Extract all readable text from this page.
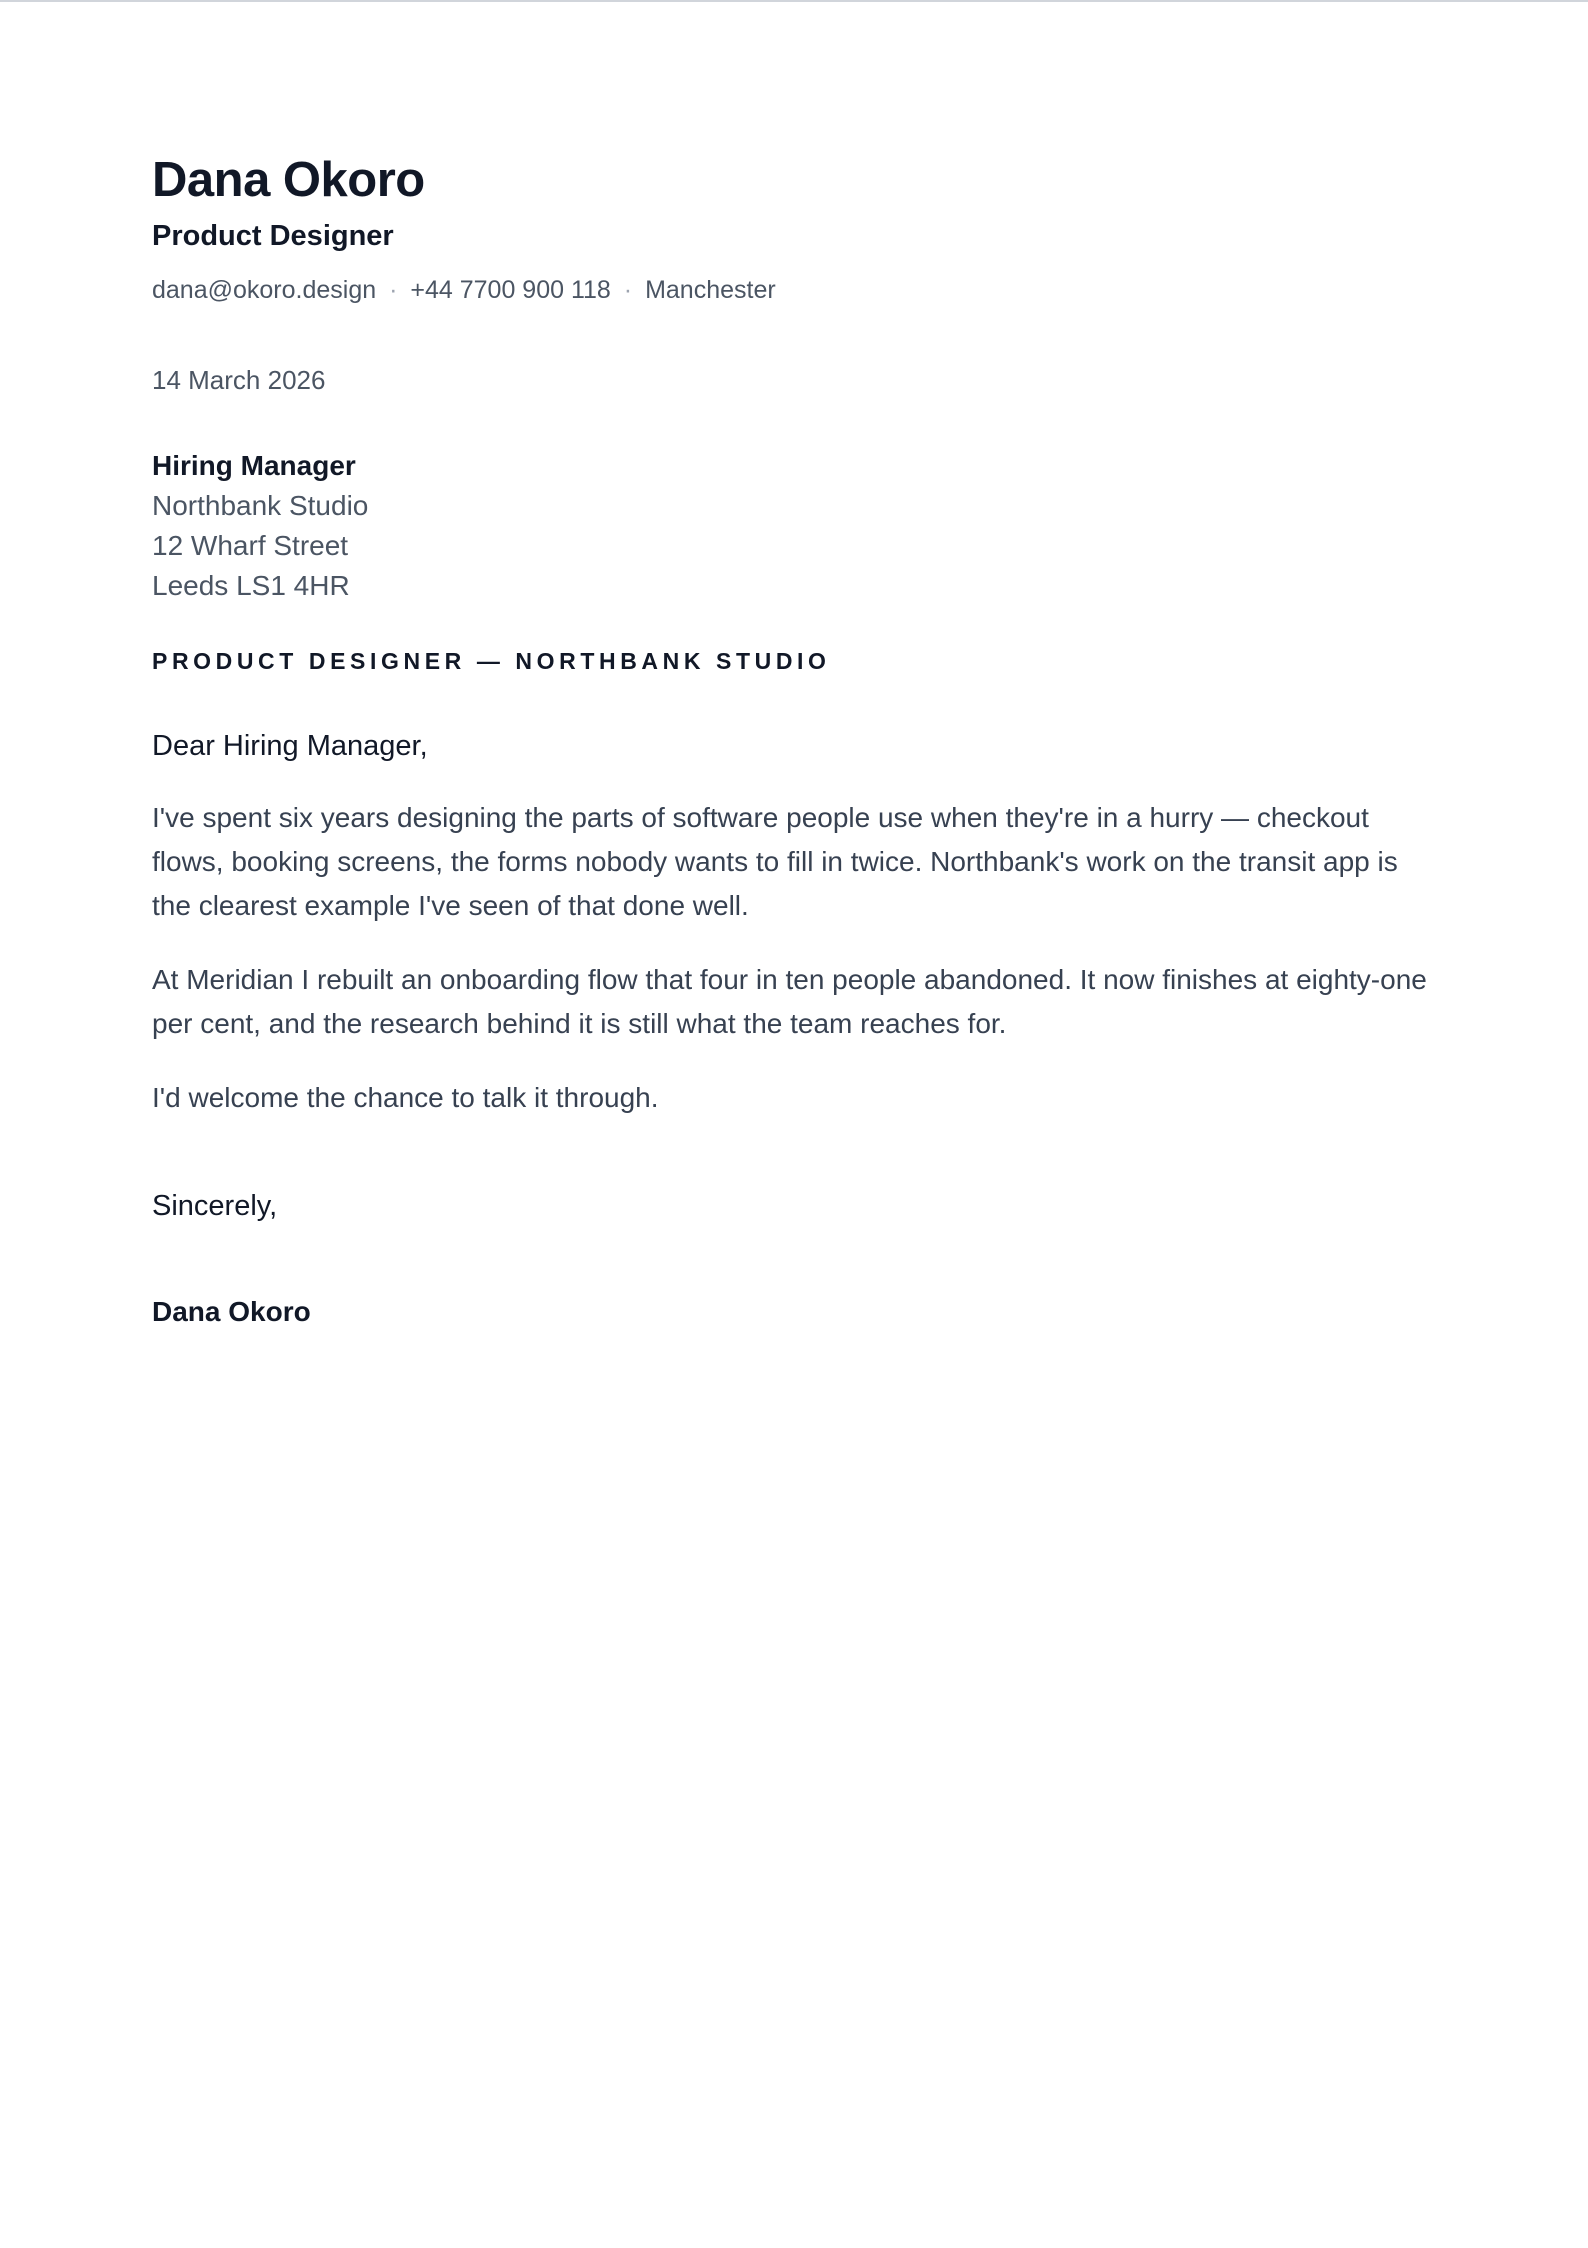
Dana Okoro
Product Designer
dana@okoro.design · +44 7700 900 118 · Manchester
14 March 2026
Hiring Manager
Northbank Studio
12 Wharf Street
Leeds LS1 4HR
PRODUCT DESIGNER — NORTHBANK STUDIO
Dear Hiring Manager,

I've spent six years designing the parts of software people use when they're in a hurry — checkout flows, booking screens, the forms nobody wants to fill in twice. Northbank's work on the transit app is the clearest example I've seen of that done well.

At Meridian I rebuilt an onboarding flow that four in ten people abandoned. It now finishes at eighty-one per cent, and the research behind it is still what the team reaches for.

I'd welcome the chance to talk it through.

Sincerely,
Dana Okoro
